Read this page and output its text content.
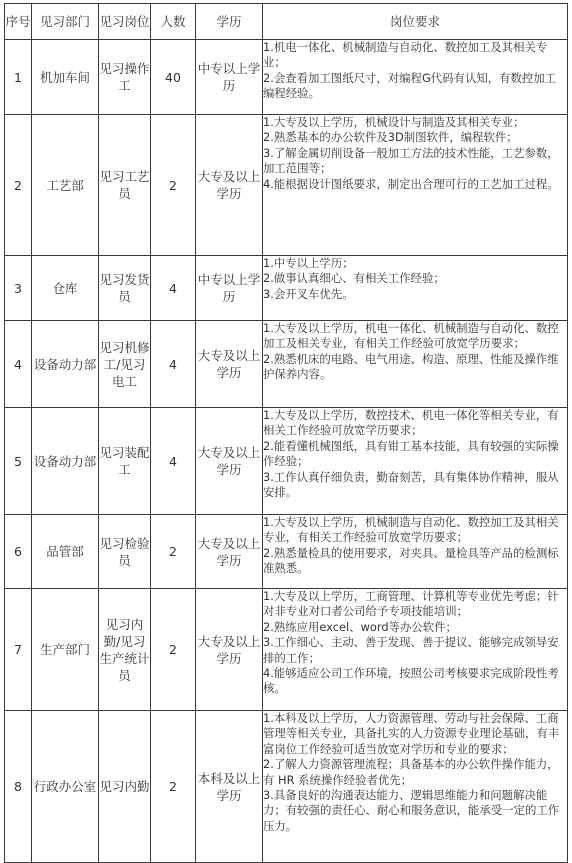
序号	见习部门	见习岗位	人数	学历	岗位要求
1	机加车间	见习操作工	40	中专以上学历	1.机电一体化、机械制造与自动化、数控加工及其相关专业；
2.会查看加工图纸尺寸，对编程G代码有认知，有数控加工编程经验。

2	工艺部	见习工艺员	2	大专及以上学历	1.大专及以上学历，机械设计与制造及其相关专业；
2.熟悉基本的办公软件及3D制图软件，编程软件；
3.了解金属切削设备一般加工方法的技术性能，工艺参数，加工范围等；
4.能根据设计图纸要求，制定出合理可行的工艺加工过程。

3	仓库	见习发货员	4	中专以上学历	1.中专以上学历；
2.做事认真细心、有相关工作经验；
3.会开叉车优先。

4	设备动力部	见习机修工/见习电工	4	大专及以上学历	1.大专及以上学历，机电一体化、机械制造与自动化、数控加工及相关专业，有相关工作经验可放宽学历要求；
2.熟悉机床的电路、电气用途、构造、原理、性能及操作维护保养内容。

5	设备动力部	见习装配工	4	大专及以上学历	1.大专及以上学历，数控技术、机电一体化等相关专业，有相关工作经验可放宽学历要求；
2.能看懂机械图纸，具有钳工基本技能，具有较强的实际操作经验；
3.工作认真仔细负责，勤奋刻苦，具有集体协作精神，服从安排。

6	品管部	见习检验员	2	大专及以上学历	1.大专及以上学历，机械制造与自动化、数控加工及其相关专业，有相关工作经验可放宽学历要求；
2.熟悉量检具的使用要求，对夹具、量检具等产品的检测标准熟悉。

7	生产部门	见习内勤/见习生产统计员	2	大专及以上学历	1.大专及以上学历，工商管理、计算机等专业优先考虑；针对非专业对口者公司给予专项技能培训；
2.熟练应用excel、word等办公软件；
3.工作细心、主动、善于发现、善于提议、能够完成领导安排的工作；
4.能够适应公司工作环境，按照公司考核要求完成阶段性考核。

8	行政办公室	见习内勤	2	本科及以上学历	1.本科及以上学历，人力资源管理、劳动与社会保障、工商管理等相关专业，具备扎实的人力资源专业理论基础，有丰富岗位工作经验可适当放宽对学历和专业的要求；
2.了解人力资源管理流程；具备基本的办公软件操作能力，有 HR 系统操作经验者优先；
3.具备良好的沟通表达能力、逻辑思维能力和问题解决能力；有较强的责任心、耐心和服务意识，能承受一定的工作压力。
